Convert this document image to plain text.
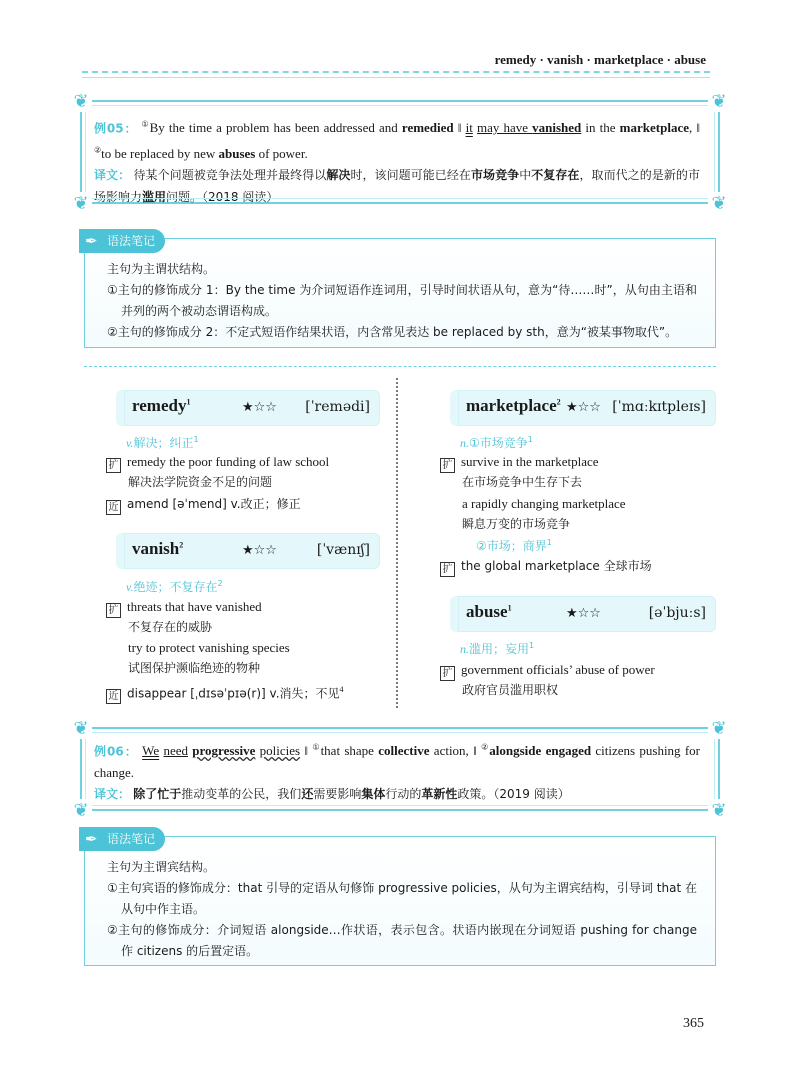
remedy · vanish · marketplace · abuse
❦	❦
❦	❦
例05： ①By the time a problem has been addressed and remedied ‖ it may have vanished in the marketplace, ‖ ②to be replaced by new abuses of power.
译文： 待某个问题被竞争法处理并最终得以解决时，该问题可能已经在市场竞争中不复存在，取而代之的是新的市场影响力滥用问题。（2018 阅读）
✒ 语法笔记
主句为主谓状结构。
①主句的修饰成分 1：By the time 为介词短语作连词用，引导时间状语从句，意为“待……时”，从句由主语和并列的两个被动态谓语构成。
②主句的修饰成分 2：不定式短语作结果状语，内含常见表达 be replaced by sth，意为“被某事物取代”。
remedy$^1$	★☆☆ [ˈremədi]
v.解决；纠正$^1$
扩 remedy the poor funding of law school
解决法学院资金不足的问题
近 amend [əˈmend] v.改正；修正
vanish$^2$	★☆☆	[ˈvænɪʃ]
v.绝迹；不复存在$^2$
扩 threats that have vanished
不复存在的威胁
try to protect vanishing species
试图保护濒临绝迹的物种
近 disappear [ˌdɪsəˈpɪə(r)] v.消失；不见$^4$
marketplace$^2$ ★☆☆ [ˈmɑːkɪtpleɪs]
n.①市场竞争$^1$
扩 survive in the marketplace
在市场竞争中生存下去
a rapidly changing marketplace
瞬息万变的市场竞争
②市场；商界$^1$
扩 the global marketplace 全球市场
abuse$^1$	★☆☆	[əˈbjuːs]
n.滥用；妄用$^1$
扩 government officials’ abuse of power
政府官员滥用职权
❦	❦
❦	❦
例06： We need progressive policies ‖ ①that shape collective action, ‖ ②alongside engaged citizens pushing for change.
译文： 除了忙于推动变革的公民，我们还需要影响集体行动的革新性政策。（2019 阅读）
✒ 语法笔记
主句为主谓宾结构。
①主句宾语的修饰成分：that 引导的定语从句修饰 progressive policies，从句为主谓宾结构，引导词 that 在从句中作主语。
②主句的修饰成分：介词短语 alongside…作状语，表示包含。状语内嵌现在分词短语 pushing for change 作 citizens 的后置定语。
365
